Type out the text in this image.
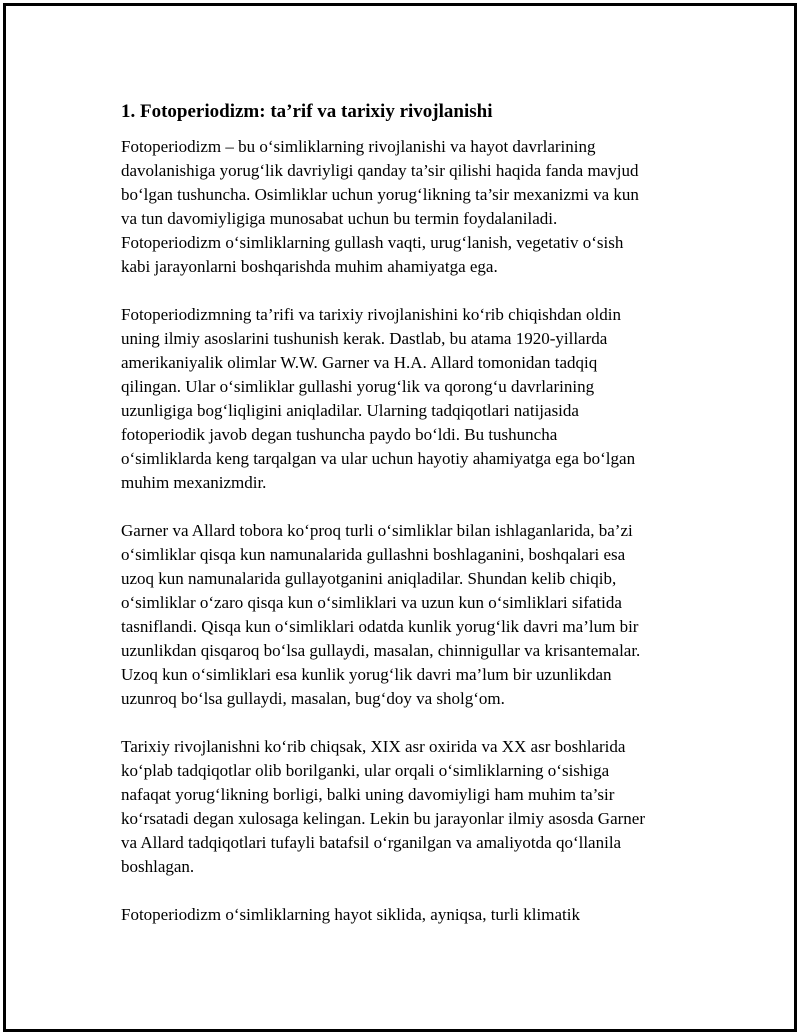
1. Fotoperiodizm: ta’rif va tarixiy rivojlanishi

Fotoperiodizm – bu o‘simliklarning rivojlanishi va hayot davrlarining
davolanishiga yorug‘lik davriyligi qanday ta’sir qilishi haqida fanda mavjud
bo‘lgan tushuncha. Osimliklar uchun yorug‘likning ta’sir mexanizmi va kun
va tun davomiyligiga munosabat uchun bu termin foydalaniladi.
Fotoperiodizm o‘simliklarning gullash vaqti, urug‘lanish, vegetativ o‘sish
kabi jarayonlarni boshqarishda muhim ahamiyatga ega.

Fotoperiodizmning ta’rifi va tarixiy rivojlanishini ko‘rib chiqishdan oldin
uning ilmiy asoslarini tushunish kerak. Dastlab, bu atama 1920-yillarda
amerikaniyalik olimlar W.W. Garner va H.A. Allard tomonidan tadqiq
qilingan. Ular o‘simliklar gullashi yorug‘lik va qorong‘u davrlarining
uzunligiga bog‘liqligini aniqladilar. Ularning tadqiqotlari natijasida
fotoperiodik javob degan tushuncha paydo bo‘ldi. Bu tushuncha
o‘simliklarda keng tarqalgan va ular uchun hayotiy ahamiyatga ega bo‘lgan
muhim mexanizmdir.

Garner va Allard tobora ko‘proq turli o‘simliklar bilan ishlaganlarida, ba’zi
o‘simliklar qisqa kun namunalarida gullashni boshlaganini, boshqalari esa
uzoq kun namunalarida gullayotganini aniqladilar. Shundan kelib chiqib,
o‘simliklar o‘zaro qisqa kun o‘simliklari va uzun kun o‘simliklari sifatida
tasniflandi. Qisqa kun o‘simliklari odatda kunlik yorug‘lik davri ma’lum bir
uzunlikdan qisqaroq bo‘lsa gullaydi, masalan, chinnigullar va krisantemalar.
Uzoq kun o‘simliklari esa kunlik yorug‘lik davri ma’lum bir uzunlikdan
uzunroq bo‘lsa gullaydi, masalan, bug‘doy va sholg‘om.

Tarixiy rivojlanishni ko‘rib chiqsak, XIX asr oxirida va XX asr boshlarida
ko‘plab tadqiqotlar olib borilganki, ular orqali o‘simliklarning o‘sishiga
nafaqat yorug‘likning borligi, balki uning davomiyligi ham muhim ta’sir
ko‘rsatadi degan xulosaga kelingan. Lekin bu jarayonlar ilmiy asosda Garner
va Allard tadqiqotlari tufayli batafsil o‘rganilgan va amaliyotda qo‘llanila
boshlagan.

Fotoperiodizm o‘simliklarning hayot siklida, ayniqsa, turli klimatik
